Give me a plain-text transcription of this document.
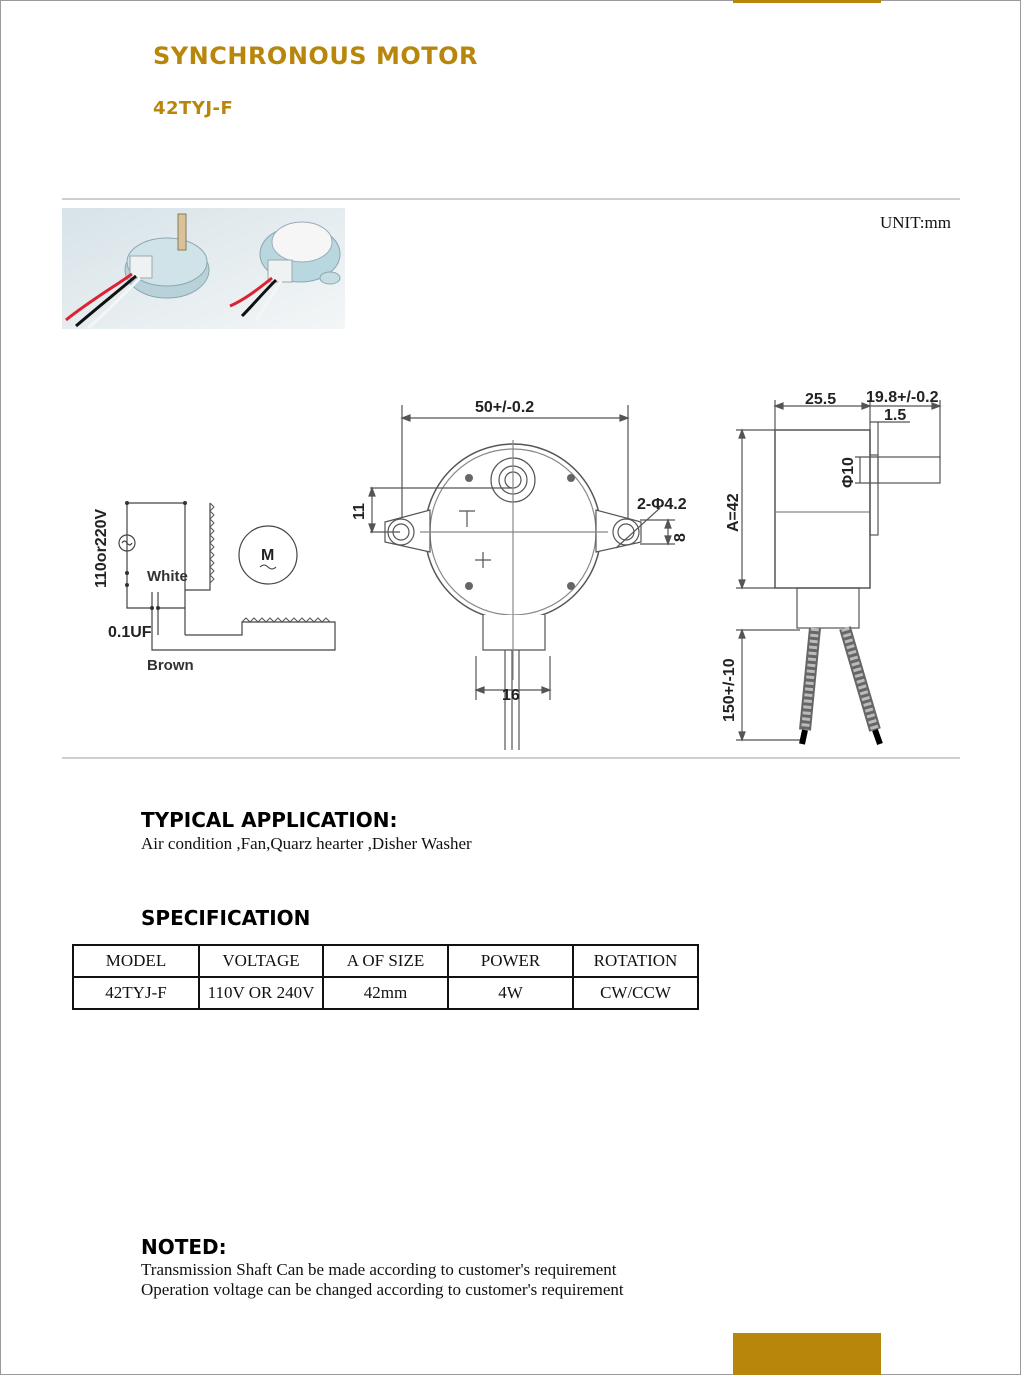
SYNCHRONOUS MOTOR
42TYJ-F
UNIT:mm
110or220V White
0.1UF
Brown
M
50+/-0.2
11	2-Φ4.2
8
16
25.5 19.8+/-0.2
1.5
Φ10
A=42
150+/-10
TYPICAL APPLICATION:
Air condition ,Fan,Quarz hearter ,Disher Washer
SPECIFICATION
MODEL	VOLTAGE	A OF SIZE	POWER	ROTATION
42TYJ-F	110V OR 240V	42mm	4W	CW/CCW
NOTED:
Transmission Shaft Can be made according to customer's requirement
Operation voltage can be changed according to customer's requirement
